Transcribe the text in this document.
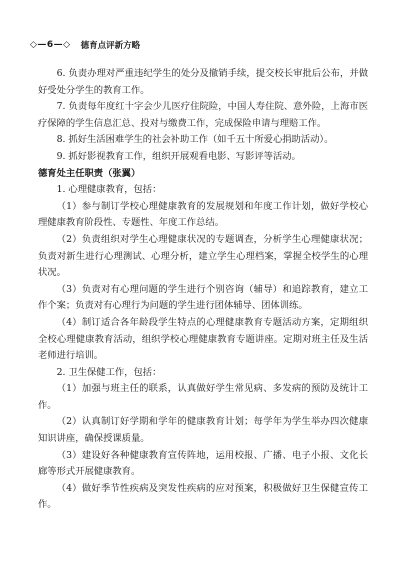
◇—6—◇ 德育点评新方略

6. 负责办理对严重违纪学生的处分及撤销手续，提交校长审批后公布，并做好受处分学生的教育工作。

7. 负责每年度红十字会少儿医疗住院险，中国人寿住院、意外险，上海市医疗保障的学生信息汇总、投对与缴费工作，完成保险申请与理赔工作。

8. 抓好生活困难学生的社会补助工作（如千五十所爱心捐助活动）。

9. 抓好影视教育工作，组织开展观看电影、写影评等活动。

德育处主任职责（张翼）

1. 心理健康教育，包括：

（1）参与制订学校心理健康教育的发展规划和年度工作计划，做好学校心理健康教育阶段性、专题性、年度工作总结。

（2）负责组织对学生心理健康状况的专题调查，分析学生心理健康状况；负责对新生进行心理测试、心理分析，建立学生心理档案，掌握全校学生的心理状况。

（3）负责对有心理问题的学生进行个别咨询（辅导）和追踪教育，建立工作个案；负责对有心理行为问题的学生进行团体辅导、团体训练。

（4）制订适合各年龄段学生特点的心理健康教育专题活动方案，定期组织全校心理健康教育活动，组织学校心理健康教育专题讲座。定期对班主任及生活老师进行培训。

2. 卫生保健工作，包括：

（1）加强与班主任的联系，认真做好学生常见病、多发病的预防及统计工作。

（2）认真制订好学期和学年的健康教育计划；每学年为学生举办四次健康知识讲座，确保授课质量。

（3）建设好各种健康教育宣传阵地，运用校报、广播、电子小报、文化长廊等形式开展健康教育。

（4）做好季节性疾病及突发性疾病的应对预案，积极做好卫生保健宣传工作。
